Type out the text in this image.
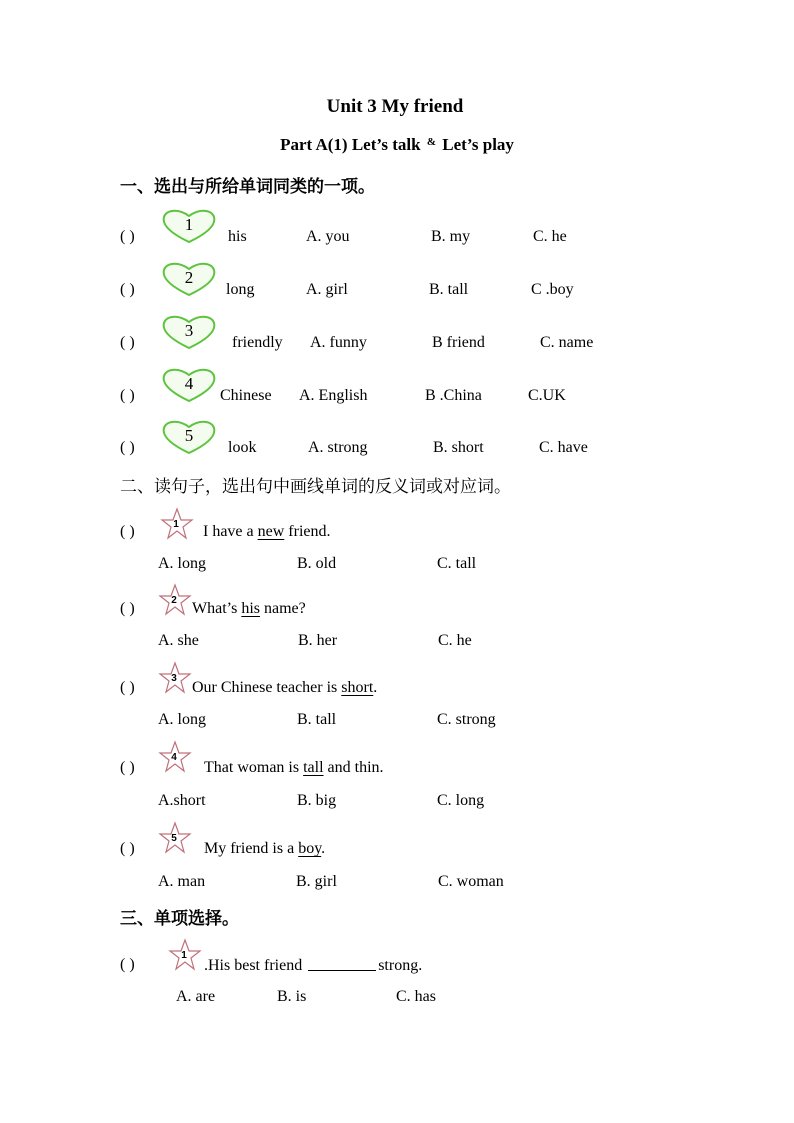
Unit 3 My friend
Part A(1) Let’s talk & Let’s play
一、选出与所给单词同类的一项。
( )
1
his	A. you	B. my	C. he
( )
2
long	A. girl	B. tall	C .boy
( )
3
friendly A. funny	B friend	C. name
( )
4
Chinese A. English	B .China	C.UK
( )
5
look	A. strong	B. short	C. have
二、读句子，选出句中画线单词的反义词或对应词。
( )	1 I have a new friend.
A. long	B. old	C. tall
( )	2 What’s his name?
A. she	B. her	C. he
( )
3
Our Chinese teacher is short.
A. long	B. tall	C. strong
( )
4
That woman is tall and thin.
A.short	B. big	C. long
( )
5
My friend is a boy.
A. man	B. girl	C. woman
三、单项选择。
( )
1
.His best friend	strong.
A. are	B. is	C. has
